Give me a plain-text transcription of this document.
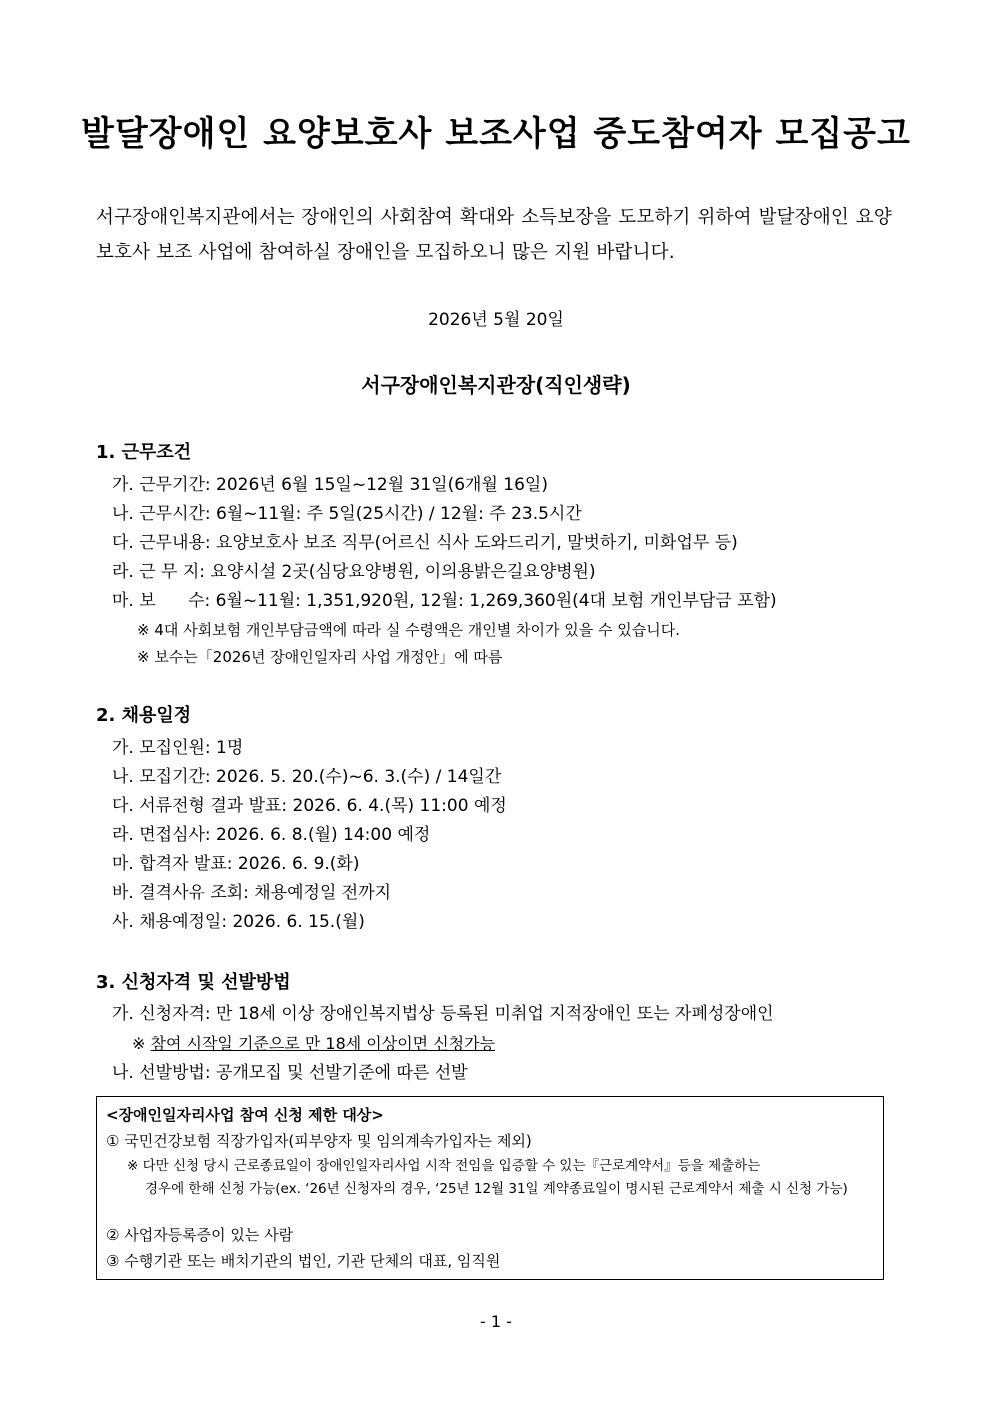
발달장애인 요양보호사 보조사업 중도참여자 모집공고
서구장애인복지관에서는 장애인의 사회참여 확대와 소득보장을 도모하기 위하여 발달장애인 요양보호사 보조 사업에 참여하실 장애인을 모집하오니 많은 지원 바랍니다.
2026년 5월 20일
서구장애인복지관장(직인생략)
1. 근무조건
가. 근무기간: 2026년 6월 15일~12월 31일(6개월 16일)
나. 근무시간: 6월~11월: 주 5일(25시간) / 12월: 주 23.5시간
다. 근무내용: 요양보호사 보조 직무(어르신 식사 도와드리기, 말벗하기, 미화업무 등)
라. 근 무 지: 요양시설 2곳(심당요양병원, 이의용밝은길요양병원)
마. 보      수: 6월~11월: 1,351,920원, 12월: 1,269,360원(4대 보험 개인부담금 포함)
※ 4대 사회보험 개인부담금액에 따라 실 수령액은 개인별 차이가 있을 수 있습니다.
※ 보수는「2026년 장애인일자리 사업 개정안」에 따름
2. 채용일정
가. 모집인원: 1명
나. 모집기간: 2026. 5. 20.(수)~6. 3.(수) / 14일간
다. 서류전형 결과 발표: 2026. 6. 4.(목) 11:00 예정
라. 면접심사: 2026. 6. 8.(월) 14:00 예정
마. 합격자 발표: 2026. 6. 9.(화)
바. 결격사유 조회: 채용예정일 전까지
사. 채용예정일: 2026. 6. 15.(월)
3. 신청자격 및 선발방법
가. 신청자격: 만 18세 이상 장애인복지법상 등록된 미취업 지적장애인 또는 자폐성장애인
※ 참여 시작일 기준으로 만 18세 이상이면 신청가능
나. 선발방법: 공개모집 및 선발기준에 따른 선발
<장애인일자리사업 참여 신청 제한 대상>
① 국민건강보험 직장가입자(피부양자 및 임의계속가입자는 제외)
※ 다만 신청 당시 근로종료일이 장애인일자리사업 시작 전임을 입증할 수 있는『근로계약서』등을 제출하는
경우에 한해 신청 가능(ex. ‘26년 신청자의 경우, ‘25년 12월 31일 계약종료일이 명시된 근로계약서 제출 시 신청 가능)
② 사업자등록증이 있는 사람
③ 수행기관 또는 배치기관의 법인, 기관 단체의 대표, 임직원
- 1 -
